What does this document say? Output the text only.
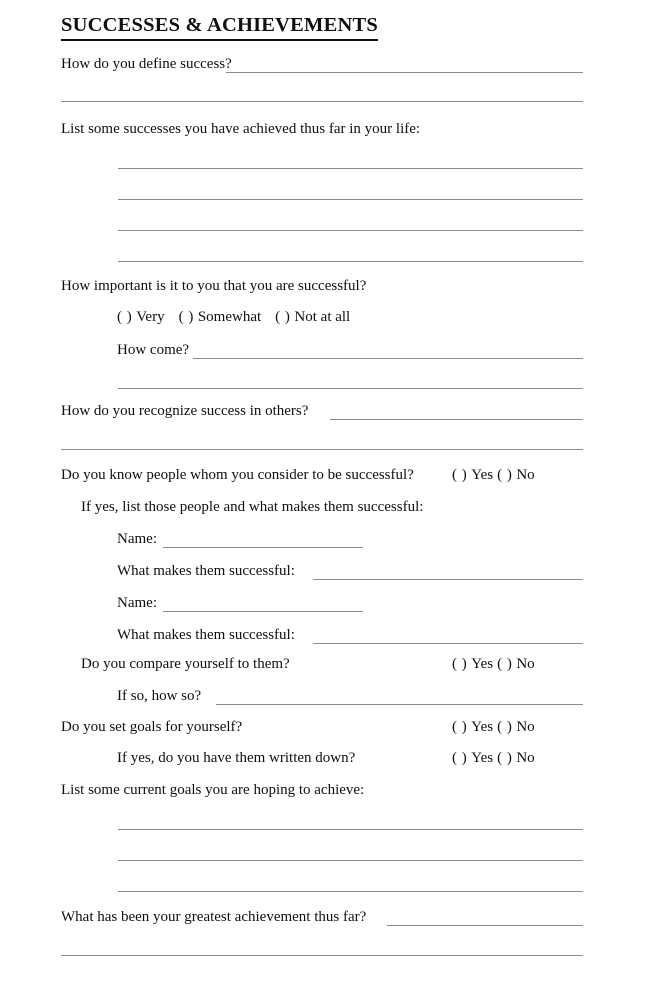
SUCCESSES & ACHIEVEMENTS
How do you define success?
List some successes you have achieved thus far in your life:
How important is it to you that you are successful?
( ) Very ( ) Somewhat ( ) Not at all
How come?
How do you recognize success in others?
Do you know people whom you consider to be successful?	( ) Yes ( ) No
If yes, list those people and what makes them successful:
Name:
What makes them successful:
Name:
What makes them successful:
Do you compare yourself to them?	( ) Yes ( ) No
If so, how so?
Do you set goals for yourself?	( ) Yes ( ) No
If yes, do you have them written down?	( ) Yes ( ) No
List some current goals you are hoping to achieve:
What has been your greatest achievement thus far?
